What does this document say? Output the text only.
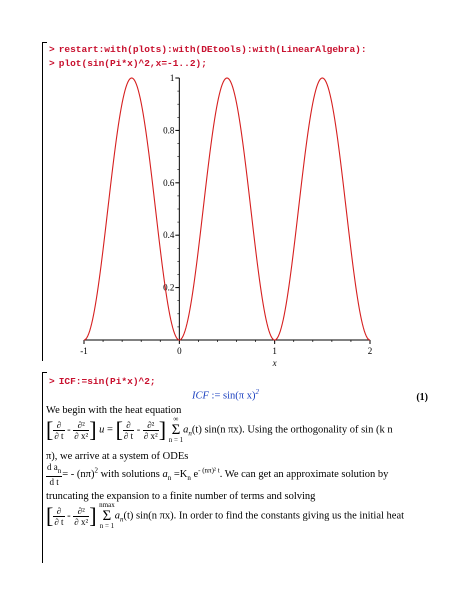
> restart:with(plots):with(DEtools):with(LinearAlgebra):
> plot(sin(Pi*x)^2,x=-1..2);
-1	0	1	2
0.2
0.4
0.6
0.8
1
x
> ICF:=sin(Pi*x)^2;
ICF := sin(π x)$^2$	(1)
We begin with the heat equation
[ $\frac{\partial}{\partial t} - \frac{\text{∂²}}{\text{∂ x²}}$ ] u = [ $\frac{\partial}{\partial t} - \frac{\text{∂²}}{\text{∂ x²}}$ ] ∞
Σ
$n = 1a_n(t)$ sin(n πx). Using the orthogonality of sin (k n
π), we arrive at a system of ODEs
$\frac{d a_n}{\text{d t}}$ = - $(n\pi)^2$ with solutions $a_n =K_n$ $e^{- (n\pi)^2 t}$. We can get an approximate solution by
truncating the expansion to a finite number of terms and solving
[ $\frac{\partial}{\partial t} - \frac{\text{∂²}}{\text{∂ x²}}$ ] nmax
Σ
$n = 1a_n(t)$ sin(n πx). In order to find the constants giving us the initial heat
